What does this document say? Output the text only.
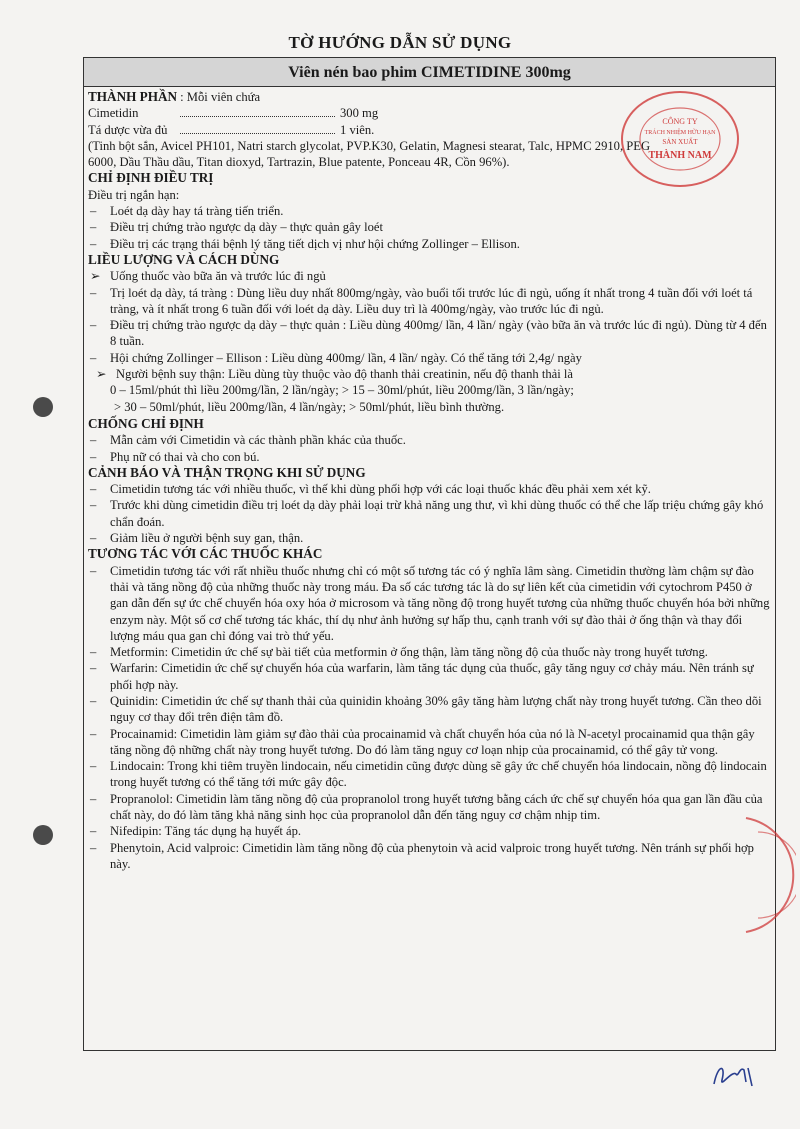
TỜ HƯỚNG DẪN SỬ DỤNG
Viên nén bao phim CIMETIDINE 300mg
THÀNH PHẦN : Mỗi viên chứa
Cimetidin	300 mg
Tá dược vừa đủ	1 viên.
(Tinh bột sắn, Avicel PH101, Natri starch glycolat, PVP.K30, Gelatin, Magnesi stearat, Talc, HPMC 2910, PEG 6000, Dầu Thầu dầu, Titan dioxyd, Tartrazin, Blue patente, Ponceau 4R, Cồn 96%).
CHỈ ĐỊNH ĐIỀU TRỊ
Điều trị ngắn hạn:
–	Loét dạ dày hay tá tràng tiến triển.
–	Điều trị chứng trào ngược dạ dày – thực quản gây loét
–	Điều trị các trạng thái bệnh lý tăng tiết dịch vị như hội chứng Zollinger – Ellison.
LIỀU LƯỢNG VÀ CÁCH DÙNG
➢ Uống thuốc vào bữa ăn và trước lúc đi ngủ
–	Trị loét dạ dày, tá tràng : Dùng liều duy nhất 800mg/ngày, vào buổi tối trước lúc đi ngủ, uống ít nhất trong 4 tuần đối với loét tá tràng, và ít nhất trong 6 tuần đối với loét dạ dày. Liều duy trì là 400mg/ngày, vào trước lúc đi ngủ.
–	Điều trị chứng trào ngược dạ dày – thực quản : Liều dùng 400mg/ lần, 4 lần/ ngày (vào bữa ăn và trước lúc đi ngủ). Dùng từ 4 đến 8 tuần.
–	Hội chứng Zollinger – Ellison : Liều dùng 400mg/ lần, 4 lần/ ngày. Có thể tăng tới 2,4g/ ngày
➢ Người bệnh suy thận: Liều dùng tùy thuộc vào độ thanh thải creatinin, nếu độ thanh thải là
0 – 15ml/phút thì liều 200mg/lần, 2 lần/ngày; > 15 – 30ml/phút, liều 200mg/lần, 3 lần/ngày;
> 30 – 50ml/phút, liều 200mg/lần, 4 lần/ngày; > 50ml/phút, liều bình thường.
CHỐNG CHỈ ĐỊNH
–	Mẫn cảm với Cimetidin và các thành phần khác của thuốc.
–	Phụ nữ có thai và cho con bú.
CẢNH BÁO VÀ THẬN TRỌNG KHI SỬ DỤNG
–	Cimetidin tương tác với nhiều thuốc, vì thế khi dùng phối hợp với các loại thuốc khác đều phải xem xét kỹ.
–	Trước khi dùng cimetidin điều trị loét dạ dày phải loại trừ khả năng ung thư, vì khi dùng thuốc có thể che lấp triệu chứng gây khó chẩn đoán.
–	Giảm liều ở người bệnh suy gan, thận.
TƯƠNG TÁC VỚI CÁC THUỐC KHÁC
–	Cimetidin tương tác với rất nhiều thuốc nhưng chỉ có một số tương tác có ý nghĩa lâm sàng. Cimetidin thường làm chậm sự đào thải và tăng nồng độ của những thuốc này trong máu. Đa số các tương tác là do sự liên kết của cimetidin với cytochrom P450 ở gan dẫn đến sự ức chế chuyển hóa oxy hóa ở microsom và tăng nồng độ trong huyết tương của những thuốc chuyển hóa bởi những enzym này. Một số cơ chế tương tác khác, thí dụ như ảnh hưởng sự hấp thu, cạnh tranh với sự đào thải ở ống thận và thay đổi lượng máu qua gan chỉ đóng vai trò thứ yếu.
–	Metformin: Cimetidin ức chế sự bài tiết của metformin ở ống thận, làm tăng nồng độ của thuốc này trong huyết tương.
–	Warfarin: Cimetidin ức chế sự chuyển hóa của warfarin, làm tăng tác dụng của thuốc, gây tăng nguy cơ chảy máu. Nên tránh sự phối hợp này.
–	Quinidin: Cimetidin ức chế sự thanh thải của quinidin khoảng 30% gây tăng hàm lượng chất này trong huyết tương. Cần theo dõi nguy cơ thay đổi trên điện tâm đồ.
–	Procainamid: Cimetidin làm giảm sự đào thải của procainamid và chất chuyển hóa của nó là N-acetyl procainamid qua thận gây tăng nồng độ những chất này trong huyết tương. Do đó làm tăng nguy cơ loạn nhịp của procainamid, có thể gây tử vong.
–	Lindocain: Trong khi tiêm truyền lindocain, nếu cimetidin cũng được dùng sẽ gây ức chế chuyển hóa lindocain, nồng độ lindocain trong huyết tương có thể tăng tới mức gây độc.
–	Propranolol: Cimetidin làm tăng nồng độ của propranolol trong huyết tương bằng cách ức chế sự chuyển hóa qua gan lần đầu của chất này, do đó làm tăng khả năng sinh học của propranolol dẫn đến tăng nguy cơ chậm nhịp tim.
–	Nifedipin: Tăng tác dụng hạ huyết áp.
–	Phenytoin, Acid valproic: Cimetidin làm tăng nồng độ của phenytoin và acid valproic trong huyết tương. Nên tránh sự phối hợp này.
CÔNG TY
TRÁCH NHIỆM HỮU HẠN
SẢN XUẤT
THÀNH NAM
